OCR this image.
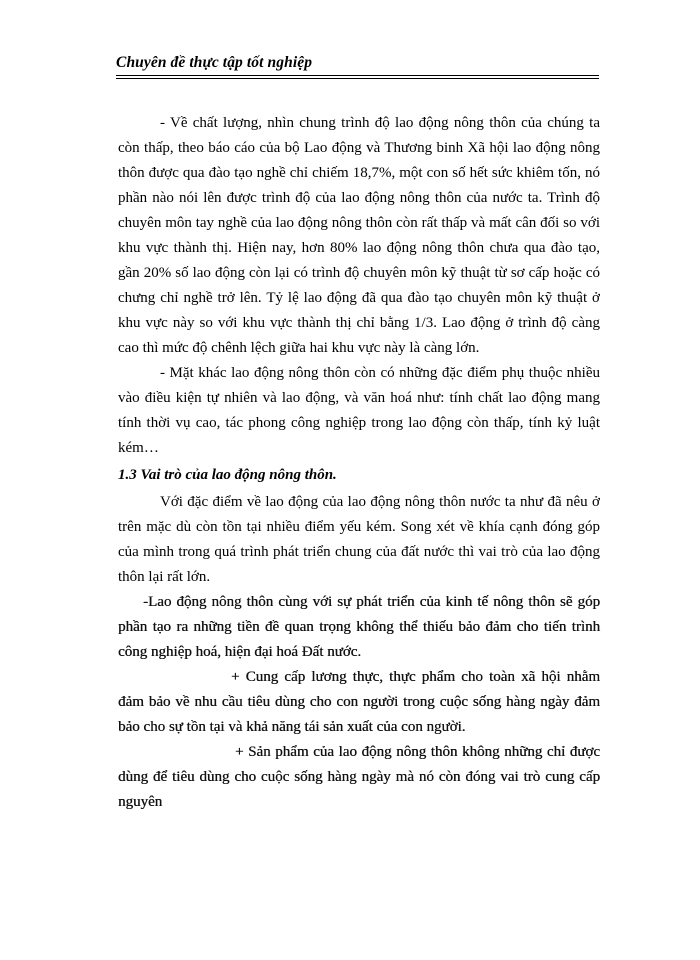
Chuyên đề thực tập tốt nghiệp

- Về chất lượng, nhìn chung trình độ lao động nông thôn của chúng ta còn thấp, theo báo cáo của bộ Lao động và Thương binh Xã hội lao động nông thôn được qua đào tạo nghề chỉ chiếm 18,7%, một con số hết sức khiêm tốn, nó phần nào nói lên được trình độ của lao động nông thôn của nước ta. Trình độ chuyên môn tay nghề của lao động nông thôn còn rất thấp và mất cân đối so với khu vực thành thị. Hiện nay, hơn 80% lao động nông thôn chưa qua đào tạo, gần 20% số lao động còn lại có trình độ chuyên môn kỹ thuật từ sơ cấp hoặc có chưng chỉ nghề trở lên. Tỷ lệ lao động đã qua đào tạo chuyên môn kỹ thuật ở khu vực này so với khu vực thành thị chỉ bằng 1/3. Lao động ở trình độ càng cao thì mức độ chênh lệch giữa hai khu vực này là càng lớn.

- Mặt khác lao động nông thôn còn có những đặc điểm phụ thuộc nhiều vào điều kiện tự nhiên và lao động, và văn hoá như: tính chất lao động mang tính thời vụ cao, tác phong công nghiệp trong lao động còn thấp, tính kỷ luật kém…

1.3 Vai trò của lao động nông thôn.

Với đặc điểm về lao động của lao động nông thôn nước ta như đã nêu ở trên mặc dù còn tồn tại nhiều điểm yếu kém. Song xét về khía cạnh đóng góp của mình trong quá trình phát triển chung của đất nước thì vai trò của lao động thôn lại rất lớn.

-Lao động nông thôn cùng với sự phát triển của kinh tế nông thôn sẽ góp phần tạo ra những tiền đề quan trọng không thể thiếu bảo đảm cho tiến trình công nghiệp hoá, hiện đại hoá Đất nước.

+ Cung cấp lương thực, thực phẩm cho toàn xã hội nhằm đảm bảo về nhu cầu tiêu dùng cho con người trong cuộc sống hàng ngày đảm bảo cho sự tồn tại và khả năng tái sản xuất của con người.

+ Sản phẩm của lao động nông thôn không những chỉ được dùng để tiêu dùng cho cuộc sống hàng ngày mà nó còn đóng vai trò cung cấp nguyên
